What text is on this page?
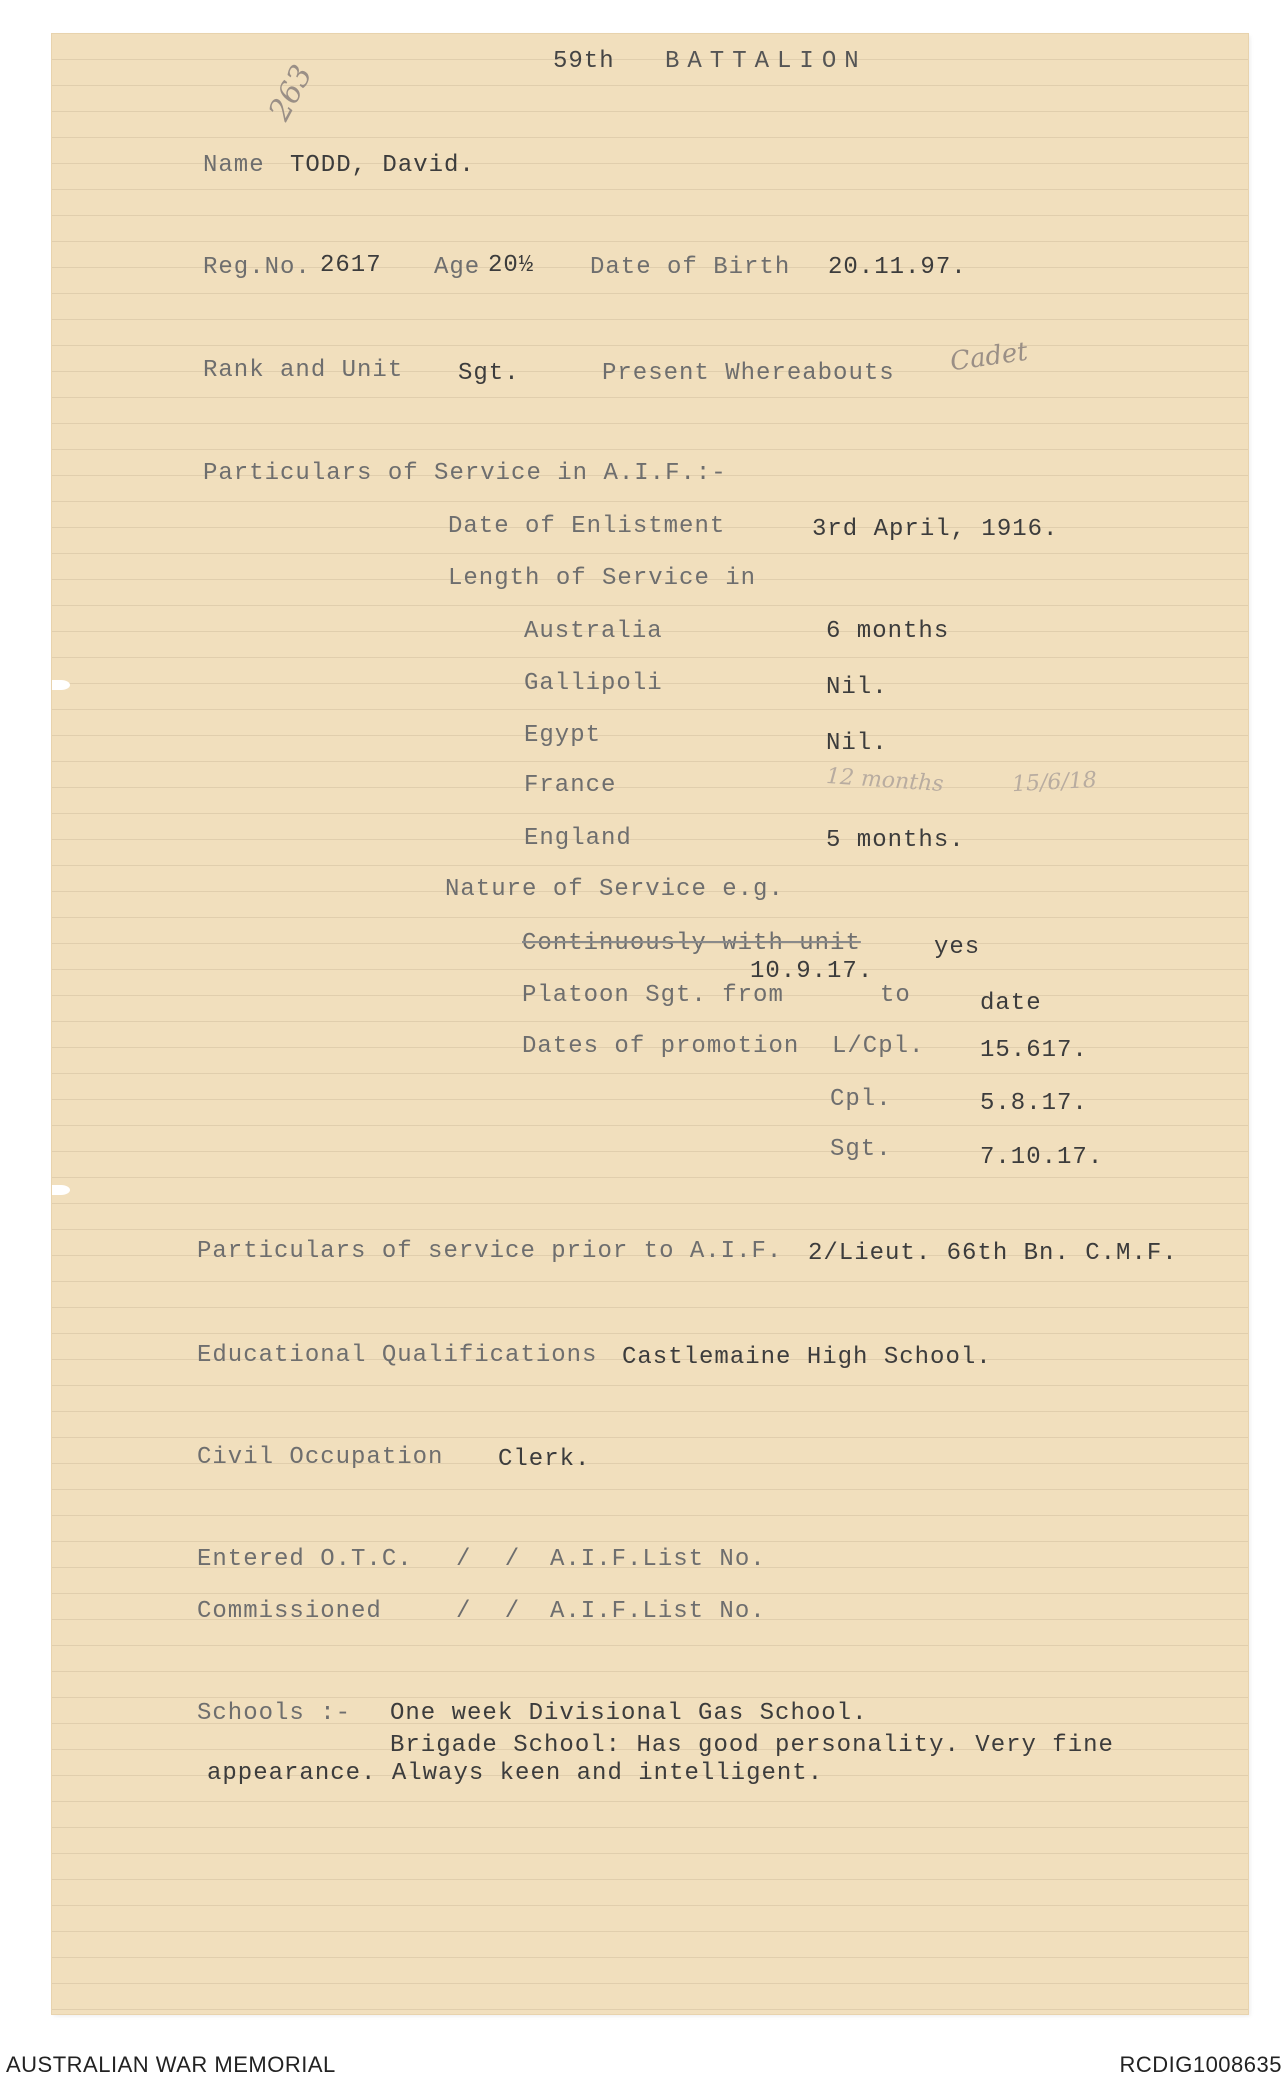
263	59th BATTALION
Name TODD, David.
Reg.No. 2617 Age 20½ Date of Birth 20.11.97.
Rank and Unit Sgt.	Present Whereabouts Cadet
Particulars of Service in A.I.F.:-
Date of Enlistment	3rd April, 1916.
Length of Service in
Australia	6 months
Gallipoli	Nil.
Egypt	Nil.
France	12 months	15/6/18
England	5 months.
Nature of Service e.g.
Continuously with unit	yes
10.9.17.
Platoon Sgt. from	to	date
Dates of promotion L/Cpl. 15.617.
Cpl.	5.8.17.
Sgt.	7.10.17.
Particulars of service prior to A.I.F. 2/Lieut. 66th Bn. C.M.F.
Educational Qualifications Castlemaine High School.
Civil Occupation Clerk.
Entered O.T.C. / / A.I.F.List No.
Commissioned	/ / A.I.F.List No.
Schools :- One week Divisional Gas School.
Brigade School: Has good personality. Very fine
appearance. Always keen and intelligent.
AUSTRALIAN WAR MEMORIAL	RCDIG1008635
